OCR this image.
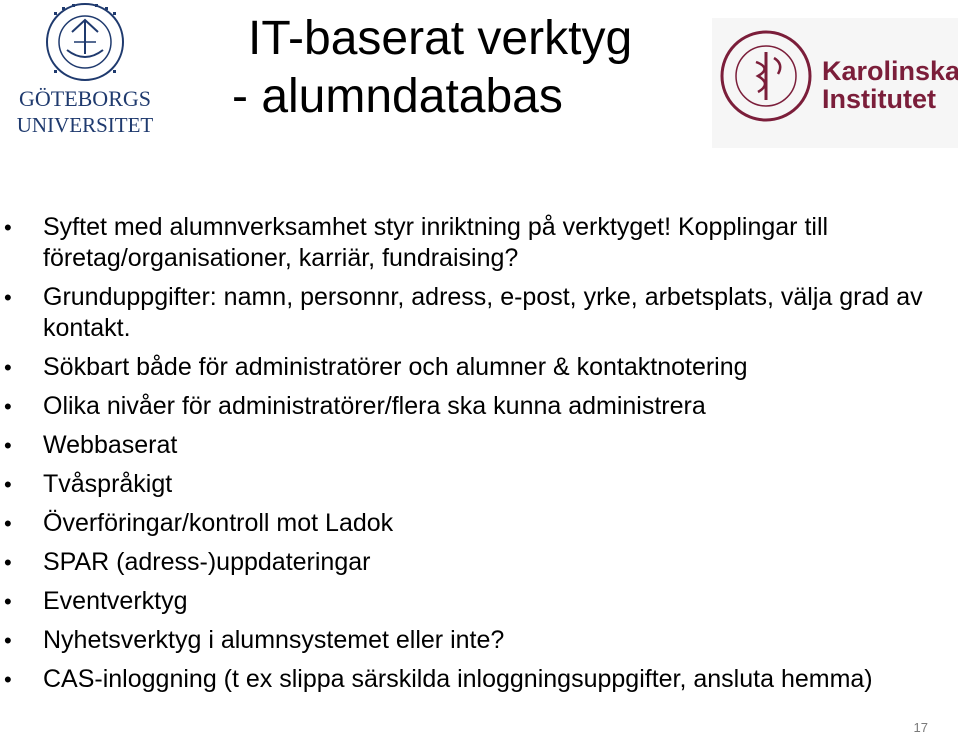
GÖTEBORGS
UNIVERSITET
Karolinska
Institutet
IT-baserat verktyg
- alumndatabas
• Syftet med alumnverksamhet styr inriktning på verktyget! Kopplingar till företag/organisationer, karriär, fundraising?
• Grunduppgifter: namn, personnr, adress, e-post, yrke, arbetsplats, välja grad av kontakt.
• Sökbart både för administratörer och alumner & kontaktnotering
• Olika nivåer för administratörer/flera ska kunna administrera
• Webbaserat
• Tvåspråkigt
• Överföringar/kontroll mot Ladok
• SPAR (adress-)uppdateringar
• Eventverktyg
• Nyhetsverktyg i alumnsystemet eller inte?
• CAS-inloggning (t ex slippa särskilda inloggningsuppgifter, ansluta hemma)
17
